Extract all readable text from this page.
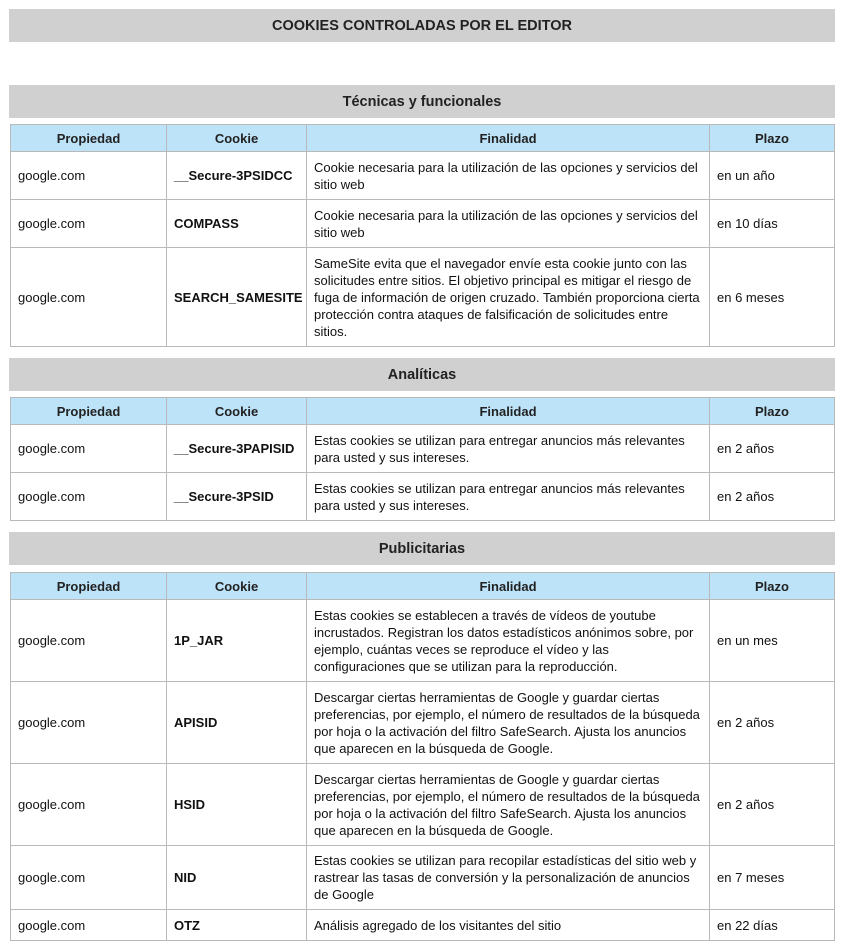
COOKIES CONTROLADAS POR EL EDITOR
Técnicas y funcionales
Propiedad	Cookie	Finalidad	Plazo
google.com	__Secure-3PSIDCC	Cookie necesaria para la utilización de las opciones y servicios del sitio web	en un año
google.com	COMPASS	Cookie necesaria para la utilización de las opciones y servicios del sitio web	en 10 días
google.com	SEARCH_SAMESITE	SameSite evita que el navegador envíe esta cookie junto con las solicitudes entre sitios. El objetivo principal es mitigar el riesgo de fuga de información de origen cruzado. También proporciona cierta protección contra ataques de falsificación de solicitudes entre sitios.	en 6 meses
Analíticas
Propiedad	Cookie	Finalidad	Plazo
google.com	__Secure-3PAPISID	Estas cookies se utilizan para entregar anuncios más relevantes para usted y sus intereses.	en 2 años
google.com	__Secure-3PSID	Estas cookies se utilizan para entregar anuncios más relevantes para usted y sus intereses.	en 2 años
Publicitarias
Propiedad	Cookie	Finalidad	Plazo
google.com	1P_JAR	Estas cookies se establecen a través de vídeos de youtube incrustados. Registran los datos estadísticos anónimos sobre, por ejemplo, cuántas veces se reproduce el vídeo y las configuraciones que se utilizan para la reproducción.	en un mes
google.com	APISID	Descargar ciertas herramientas de Google y guardar ciertas preferencias, por ejemplo, el número de resultados de la búsqueda por hoja o la activación del filtro SafeSearch. Ajusta los anuncios que aparecen en la búsqueda de Google.	en 2 años
google.com	HSID	Descargar ciertas herramientas de Google y guardar ciertas preferencias, por ejemplo, el número de resultados de la búsqueda por hoja o la activación del filtro SafeSearch. Ajusta los anuncios que aparecen en la búsqueda de Google.	en 2 años
google.com	NID	Estas cookies se utilizan para recopilar estadísticas del sitio web y rastrear las tasas de conversión y la personalización de anuncios de Google	en 7 meses
google.com	OTZ	Análisis agregado de los visitantes del sitio	en 22 días
